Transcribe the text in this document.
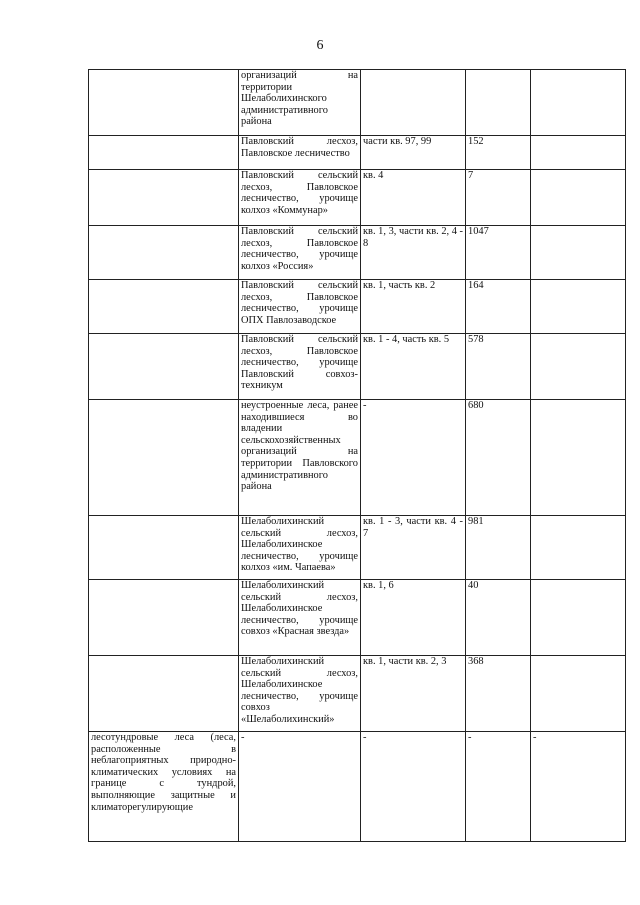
6
	организаций на территории Шелаболихинского административного района			
	Павловский лесхоз, Павловское лесничество	части кв. 97, 99	152	
	Павловский сельский лесхоз, Павловское лесничество, урочище колхоз «Коммунар»	кв. 4	7	
	Павловский сельский лесхоз, Павловское лесничество, урочище колхоз «Россия»	кв. 1, 3, части кв. 2, 4 - 8	1047	
	Павловский сельский лесхоз, Павловское лесничество, урочище ОПХ Павлозаводское	кв. 1, часть кв. 2	164	
	Павловский сельский лесхоз, Павловское лесничество, урочище Павловский совхоз-техникум	кв. 1 - 4, часть кв. 5	578	
	неустроенные леса, ранее находившиеся во владении сельскохозяйственных организаций на территории Павловского административного района	-	680	
	Шелаболихинский сельский лесхоз, Шелаболихинское лесничество, урочище колхоз «им. Чапаева»	кв. 1 - 3, части кв. 4 - 7	981	
	Шелаболихинский сельский лесхоз, Шелаболихинское лесничество, урочище совхоз «Красная звезда»	кв. 1, 6	40	
	Шелаболихинский сельский лесхоз, Шелаболихинское лесничество, урочище совхоз «Шелаболихинский»	кв. 1, части кв. 2, 3	368	
лесотундровые леса (леса, расположенные в неблагоприятных природно-климатических условиях на границе с тундрой, выполняющие защитные и климаторегулирующие	-	-	-	-
